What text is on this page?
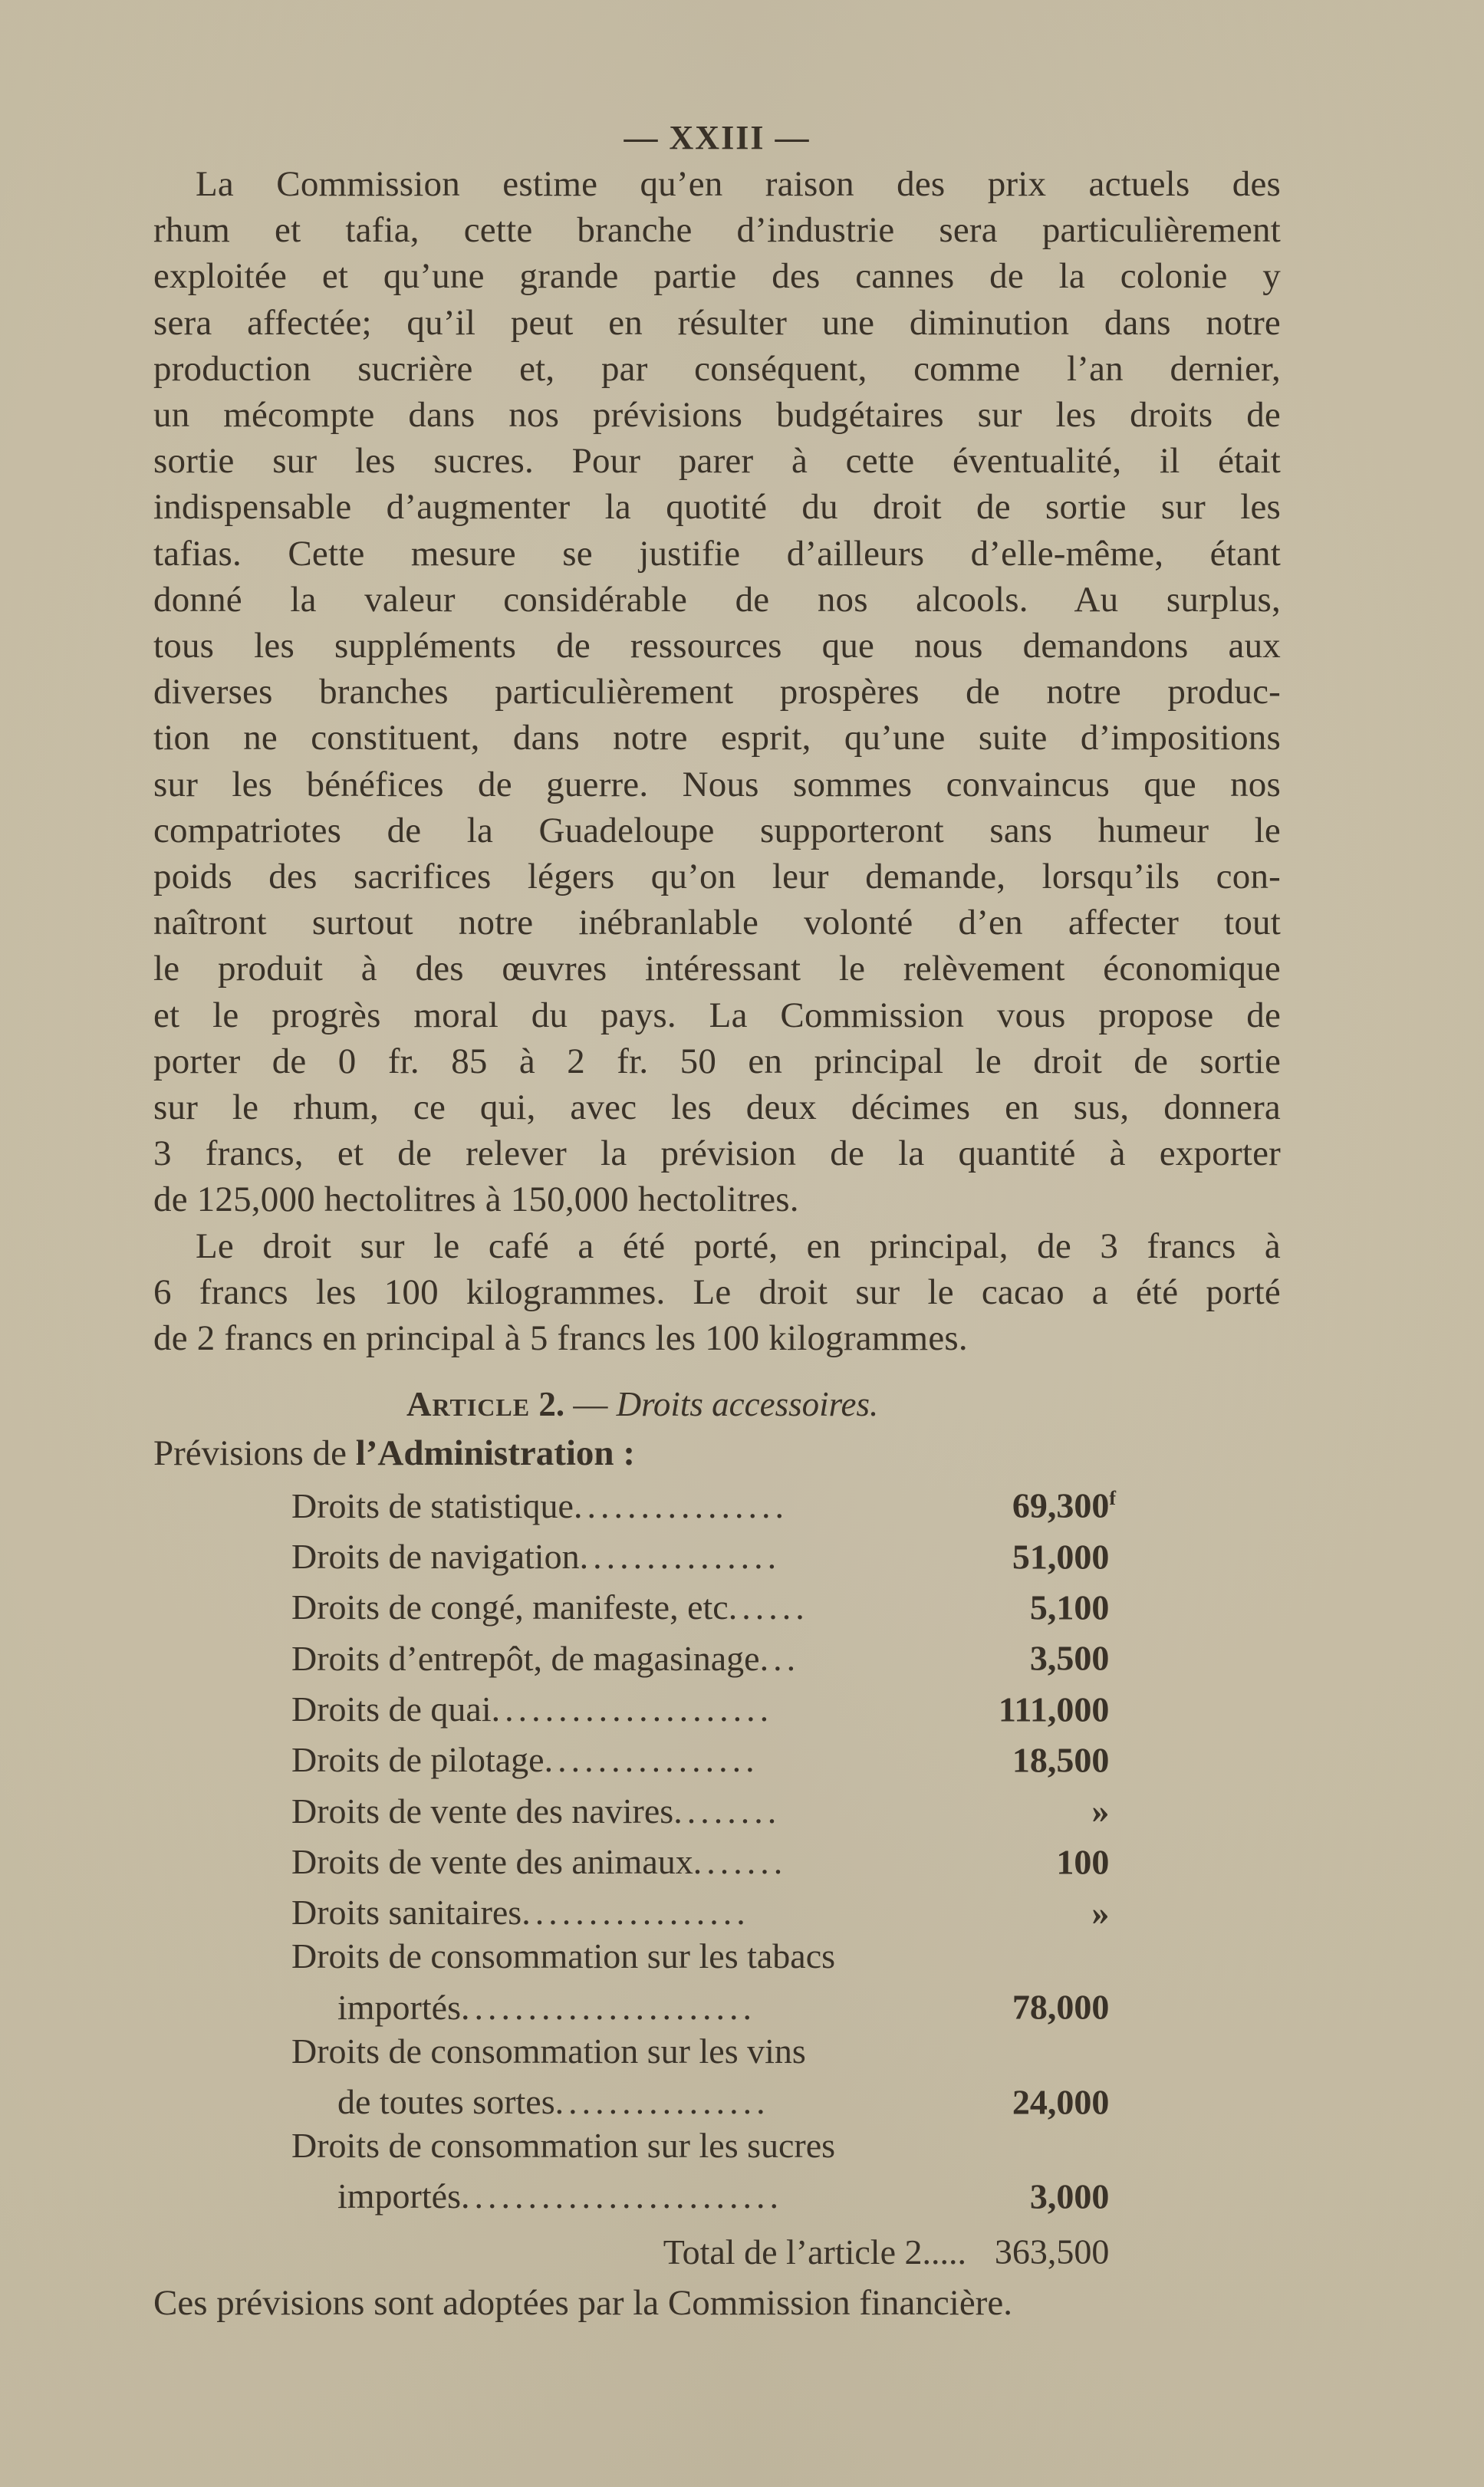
— XXIII —
La Commission estime qu’en raison des prix actuels des
rhum et tafia, cette branche d’industrie sera particulièrement
exploitée et qu’une grande partie des cannes de la colonie y
sera affectée; qu’il peut en résulter une diminution dans notre
production sucrière et, par conséquent, comme l’an dernier,
un mécompte dans nos prévisions budgétaires sur les droits de
sortie sur les sucres. Pour parer à cette éventualité, il était
indispensable d’augmenter la quotité du droit de sortie sur les
tafias. Cette mesure se justifie d’ailleurs d’elle-même, étant
donné la valeur considérable de nos alcools. Au surplus,
tous les suppléments de ressources que nous demandons aux
diverses branches particulièrement prospères de notre produc-
tion ne constituent, dans notre esprit, qu’une suite d’impositions
sur les bénéfices de guerre. Nous sommes convaincus que nos
compatriotes de la Guadeloupe supporteront sans humeur le
poids des sacrifices légers qu’on leur demande, lorsqu’ils con-
naîtront surtout notre inébranlable volonté d’en affecter tout
le produit à des œuvres intéressant le relèvement économique
et le progrès moral du pays. La Commission vous propose de
porter de 0 fr. 85 à 2 fr. 50 en principal le droit de sortie
sur le rhum, ce qui, avec les deux décimes en sus, donnera
3 francs, et de relever la prévision de la quantité à exporter
de 125,000 hectolitres à 150,000 hectolitres.
Le droit sur le café a été porté, en principal, de 3 francs à
6 francs les 100 kilogrammes. Le droit sur le cacao a été porté
de 2 francs en principal à 5 francs les 100 kilogrammes.
Article 2. — Droits accessoires.
Prévisions de l’Administration :
Droits de statistique................	69,300$^f$
Droits de navigation...............	51,000
Droits de congé, manifeste, etc......	5,100
Droits d’entrepôt, de magasinage...	3,500
Droits de quai.....................	111,000
Droits de pilotage................	18,500
Droits de vente des navires........	»
Droits de vente des animaux.......	100
Droits sanitaires.................	»
Droits de consommation sur les tabacs	
importés......................	78,000
Droits de consommation sur les vins	
de toutes sortes................	24,000
Droits de consommation sur les sucres	
importés........................	3,000
Total de l’article 2.....	363,500
Ces prévisions sont adoptées par la Commission financière.
